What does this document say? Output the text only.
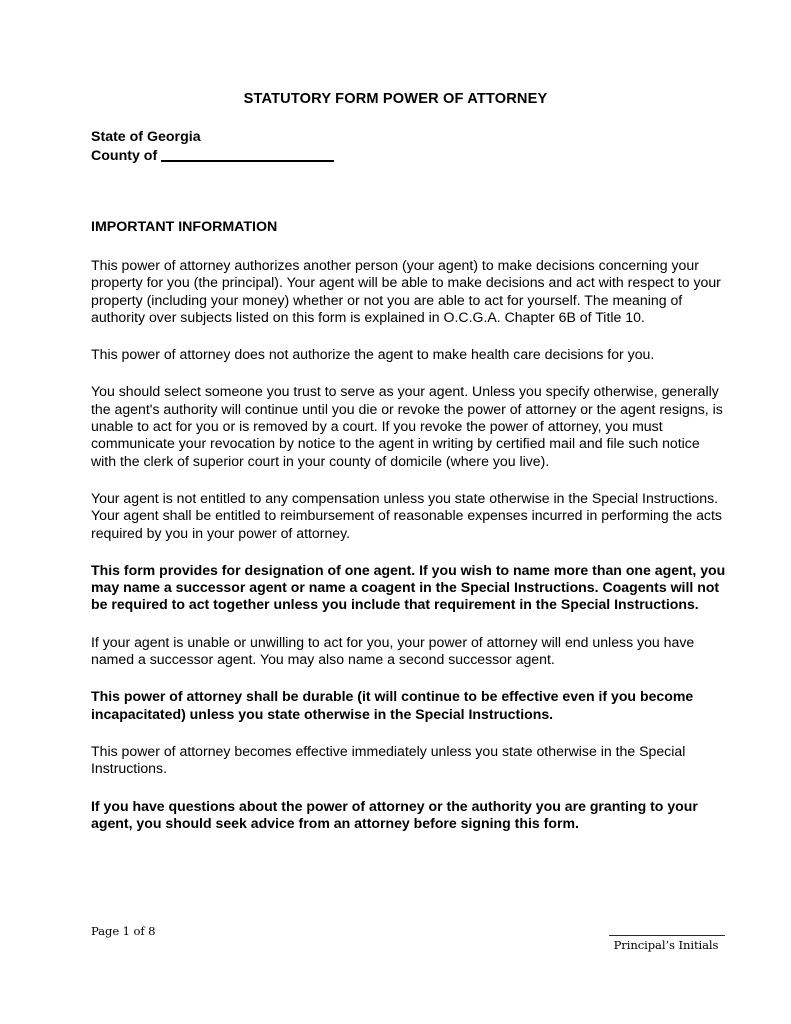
STATUTORY FORM POWER OF ATTORNEY
State of Georgia
County of
IMPORTANT INFORMATION

This power of attorney authorizes another person (your agent) to make decisions concerning your property for you (the principal). Your agent will be able to make decisions and act with respect to your property (including your money) whether or not you are able to act for yourself. The meaning of authority over subjects listed on this form is explained in O.C.G.A. Chapter 6B of Title 10.

This power of attorney does not authorize the agent to make health care decisions for you.

You should select someone you trust to serve as your agent. Unless you specify otherwise, generally the agent's authority will continue until you die or revoke the power of attorney or the agent resigns, is unable to act for you or is removed by a court. If you revoke the power of attorney, you must communicate your revocation by notice to the agent in writing by certified mail and file such notice with the clerk of superior court in your county of domicile (where you live).

Your agent is not entitled to any compensation unless you state otherwise in the Special Instructions. Your agent shall be entitled to reimbursement of reasonable expenses incurred in performing the acts required by you in your power of attorney.

This form provides for designation of one agent. If you wish to name more than one agent, you may name a successor agent or name a coagent in the Special Instructions. Coagents will not be required to act together unless you include that requirement in the Special Instructions.

If your agent is unable or unwilling to act for you, your power of attorney will end unless you have named a successor agent. You may also name a second successor agent.

This power of attorney shall be durable (it will continue to be effective even if you become incapacitated) unless you state otherwise in the Special Instructions.

This power of attorney becomes effective immediately unless you state otherwise in the Special Instructions.

If you have questions about the power of attorney or the authority you are granting to your agent, you should seek advice from an attorney before signing this form.

Page 1 of 8
Principal’s Initials
